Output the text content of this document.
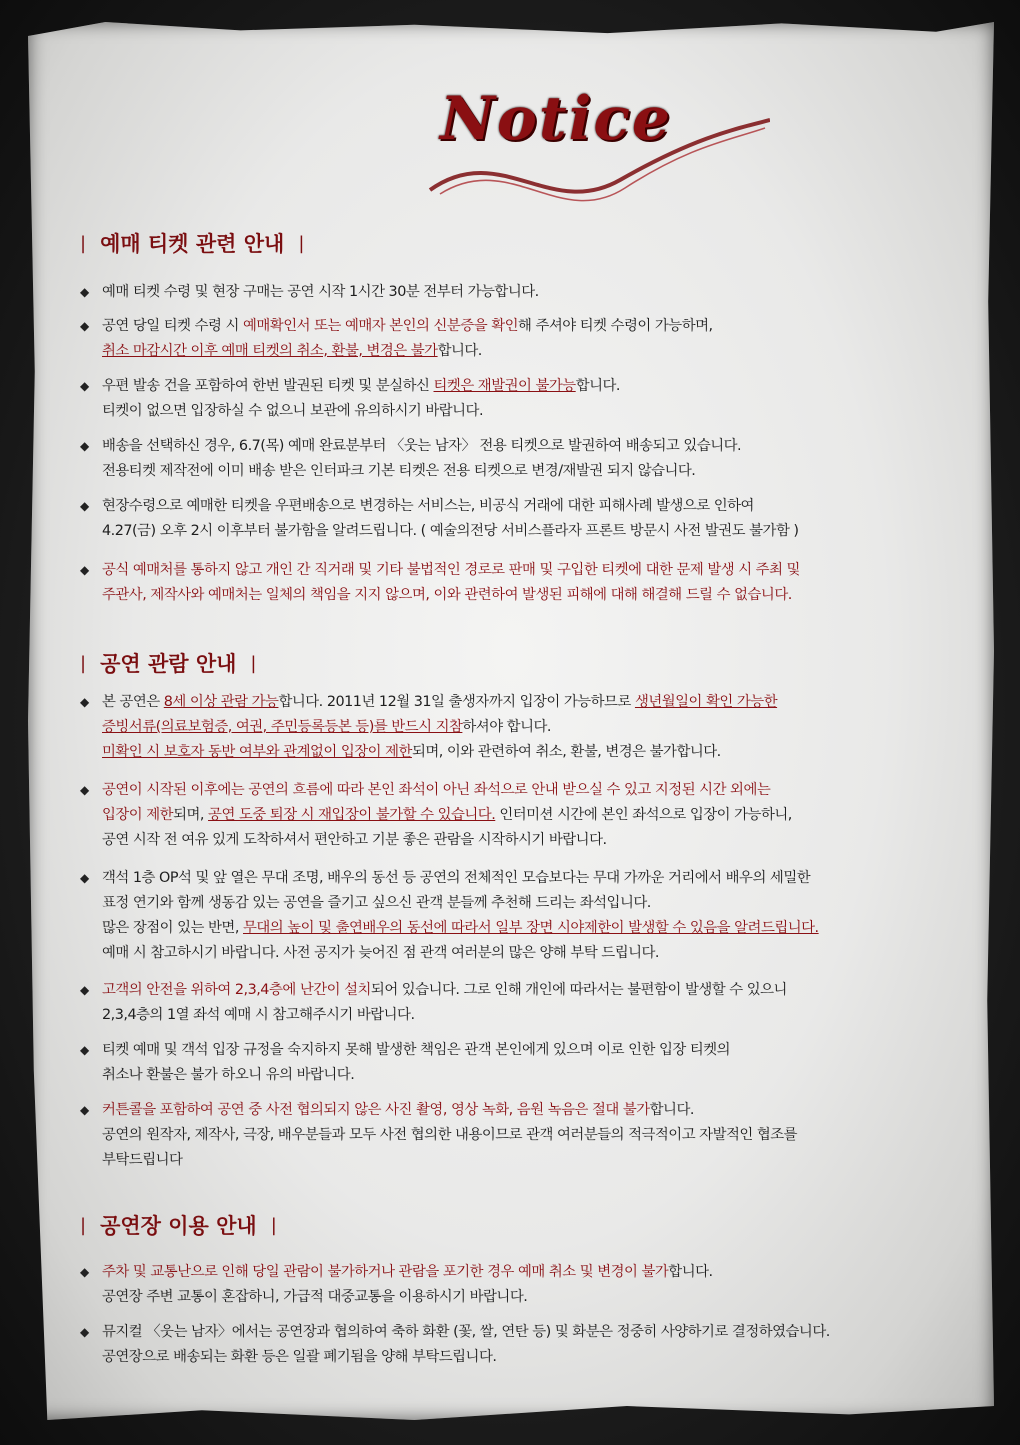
Notice
| 예매 티켓 관련 안내 |
◆ 예매 티켓 수령 및 현장 구매는 공연 시작 1시간 30분 전부터 가능합니다.
◆ 공연 당일 티켓 수령 시 예매확인서 또는 예매자 본인의 신분증을 확인해 주셔야 티켓 수령이 가능하며,
취소 마감시간 이후 예매 티켓의 취소, 환불, 변경은 불가합니다.
◆ 우편 발송 건을 포함하여 한번 발권된 티켓 및 분실하신 티켓은 재발권이 불가능합니다.
티켓이 없으면 입장하실 수 없으니 보관에 유의하시기 바랍니다.
◆ 배송을 선택하신 경우, 6.7(목) 예매 완료분부터 〈웃는 남자〉 전용 티켓으로 발권하여 배송되고 있습니다.
전용티켓 제작전에 이미 배송 받은 인터파크 기본 티켓은 전용 티켓으로 변경/재발권 되지 않습니다.
◆ 현장수령으로 예매한 티켓을 우편배송으로 변경하는 서비스는, 비공식 거래에 대한 피해사례 발생으로 인하여
4.27(금) 오후 2시 이후부터 불가함을 알려드립니다. ( 예술의전당 서비스플라자 프론트 방문시 사전 발권도 불가함 )
◆ 공식 예매처를 통하지 않고 개인 간 직거래 및 기타 불법적인 경로로 판매 및 구입한 티켓에 대한 문제 발생 시 주최 및
주관사, 제작사와 예매처는 일체의 책임을 지지 않으며, 이와 관련하여 발생된 피해에 대해 해결해 드릴 수 없습니다.
| 공연 관람 안내 |
◆ 본 공연은 8세 이상 관람 가능합니다. 2011년 12월 31일 출생자까지 입장이 가능하므로 생년월일이 확인 가능한
증빙서류(의료보험증, 여권, 주민등록등본 등)를 반드시 지참하셔야 합니다.
미확인 시 보호자 동반 여부와 관계없이 입장이 제한되며, 이와 관련하여 취소, 환불, 변경은 불가합니다.
◆ 공연이 시작된 이후에는 공연의 흐름에 따라 본인 좌석이 아닌 좌석으로 안내 받으실 수 있고 지정된 시간 외에는
입장이 제한되며, 공연 도중 퇴장 시 재입장이 불가할 수 있습니다. 인터미션 시간에 본인 좌석으로 입장이 가능하니,
공연 시작 전 여유 있게 도착하셔서 편안하고 기분 좋은 관람을 시작하시기 바랍니다.
◆ 객석 1층 OP석 및 앞 열은 무대 조명, 배우의 동선 등 공연의 전체적인 모습보다는 무대 가까운 거리에서 배우의 세밀한
표정 연기와 함께 생동감 있는 공연을 즐기고 싶으신 관객 분들께 추천해 드리는 좌석입니다.
많은 장점이 있는 반면, 무대의 높이 및 출연배우의 동선에 따라서 일부 장면 시야제한이 발생할 수 있음을 알려드립니다.
예매 시 참고하시기 바랍니다. 사전 공지가 늦어진 점 관객 여러분의 많은 양해 부탁 드립니다.
◆ 고객의 안전을 위하여 2,3,4층에 난간이 설치되어 있습니다. 그로 인해 개인에 따라서는 불편함이 발생할 수 있으니
2,3,4층의 1열 좌석 예매 시 참고해주시기 바랍니다.
◆ 티켓 예매 및 객석 입장 규정을 숙지하지 못해 발생한 책임은 관객 본인에게 있으며 이로 인한 입장 티켓의
취소나 환불은 불가 하오니 유의 바랍니다.
◆ 커튼콜을 포함하여 공연 중 사전 협의되지 않은 사진 촬영, 영상 녹화, 음원 녹음은 절대 불가합니다.
공연의 원작자, 제작사, 극장, 배우분들과 모두 사전 협의한 내용이므로 관객 여러분들의 적극적이고 자발적인 협조를
부탁드립니다
| 공연장 이용 안내 |
◆ 주차 및 교통난으로 인해 당일 관람이 불가하거나 관람을 포기한 경우 예매 취소 및 변경이 불가합니다.
공연장 주변 교통이 혼잡하니, 가급적 대중교통을 이용하시기 바랍니다.
◆ 뮤지컬 〈웃는 남자〉에서는 공연장과 협의하여 축하 화환 (꽃, 쌀, 연탄 등) 및 화분은 정중히 사양하기로 결정하였습니다.
공연장으로 배송되는 화환 등은 일괄 폐기됨을 양해 부탁드립니다.
